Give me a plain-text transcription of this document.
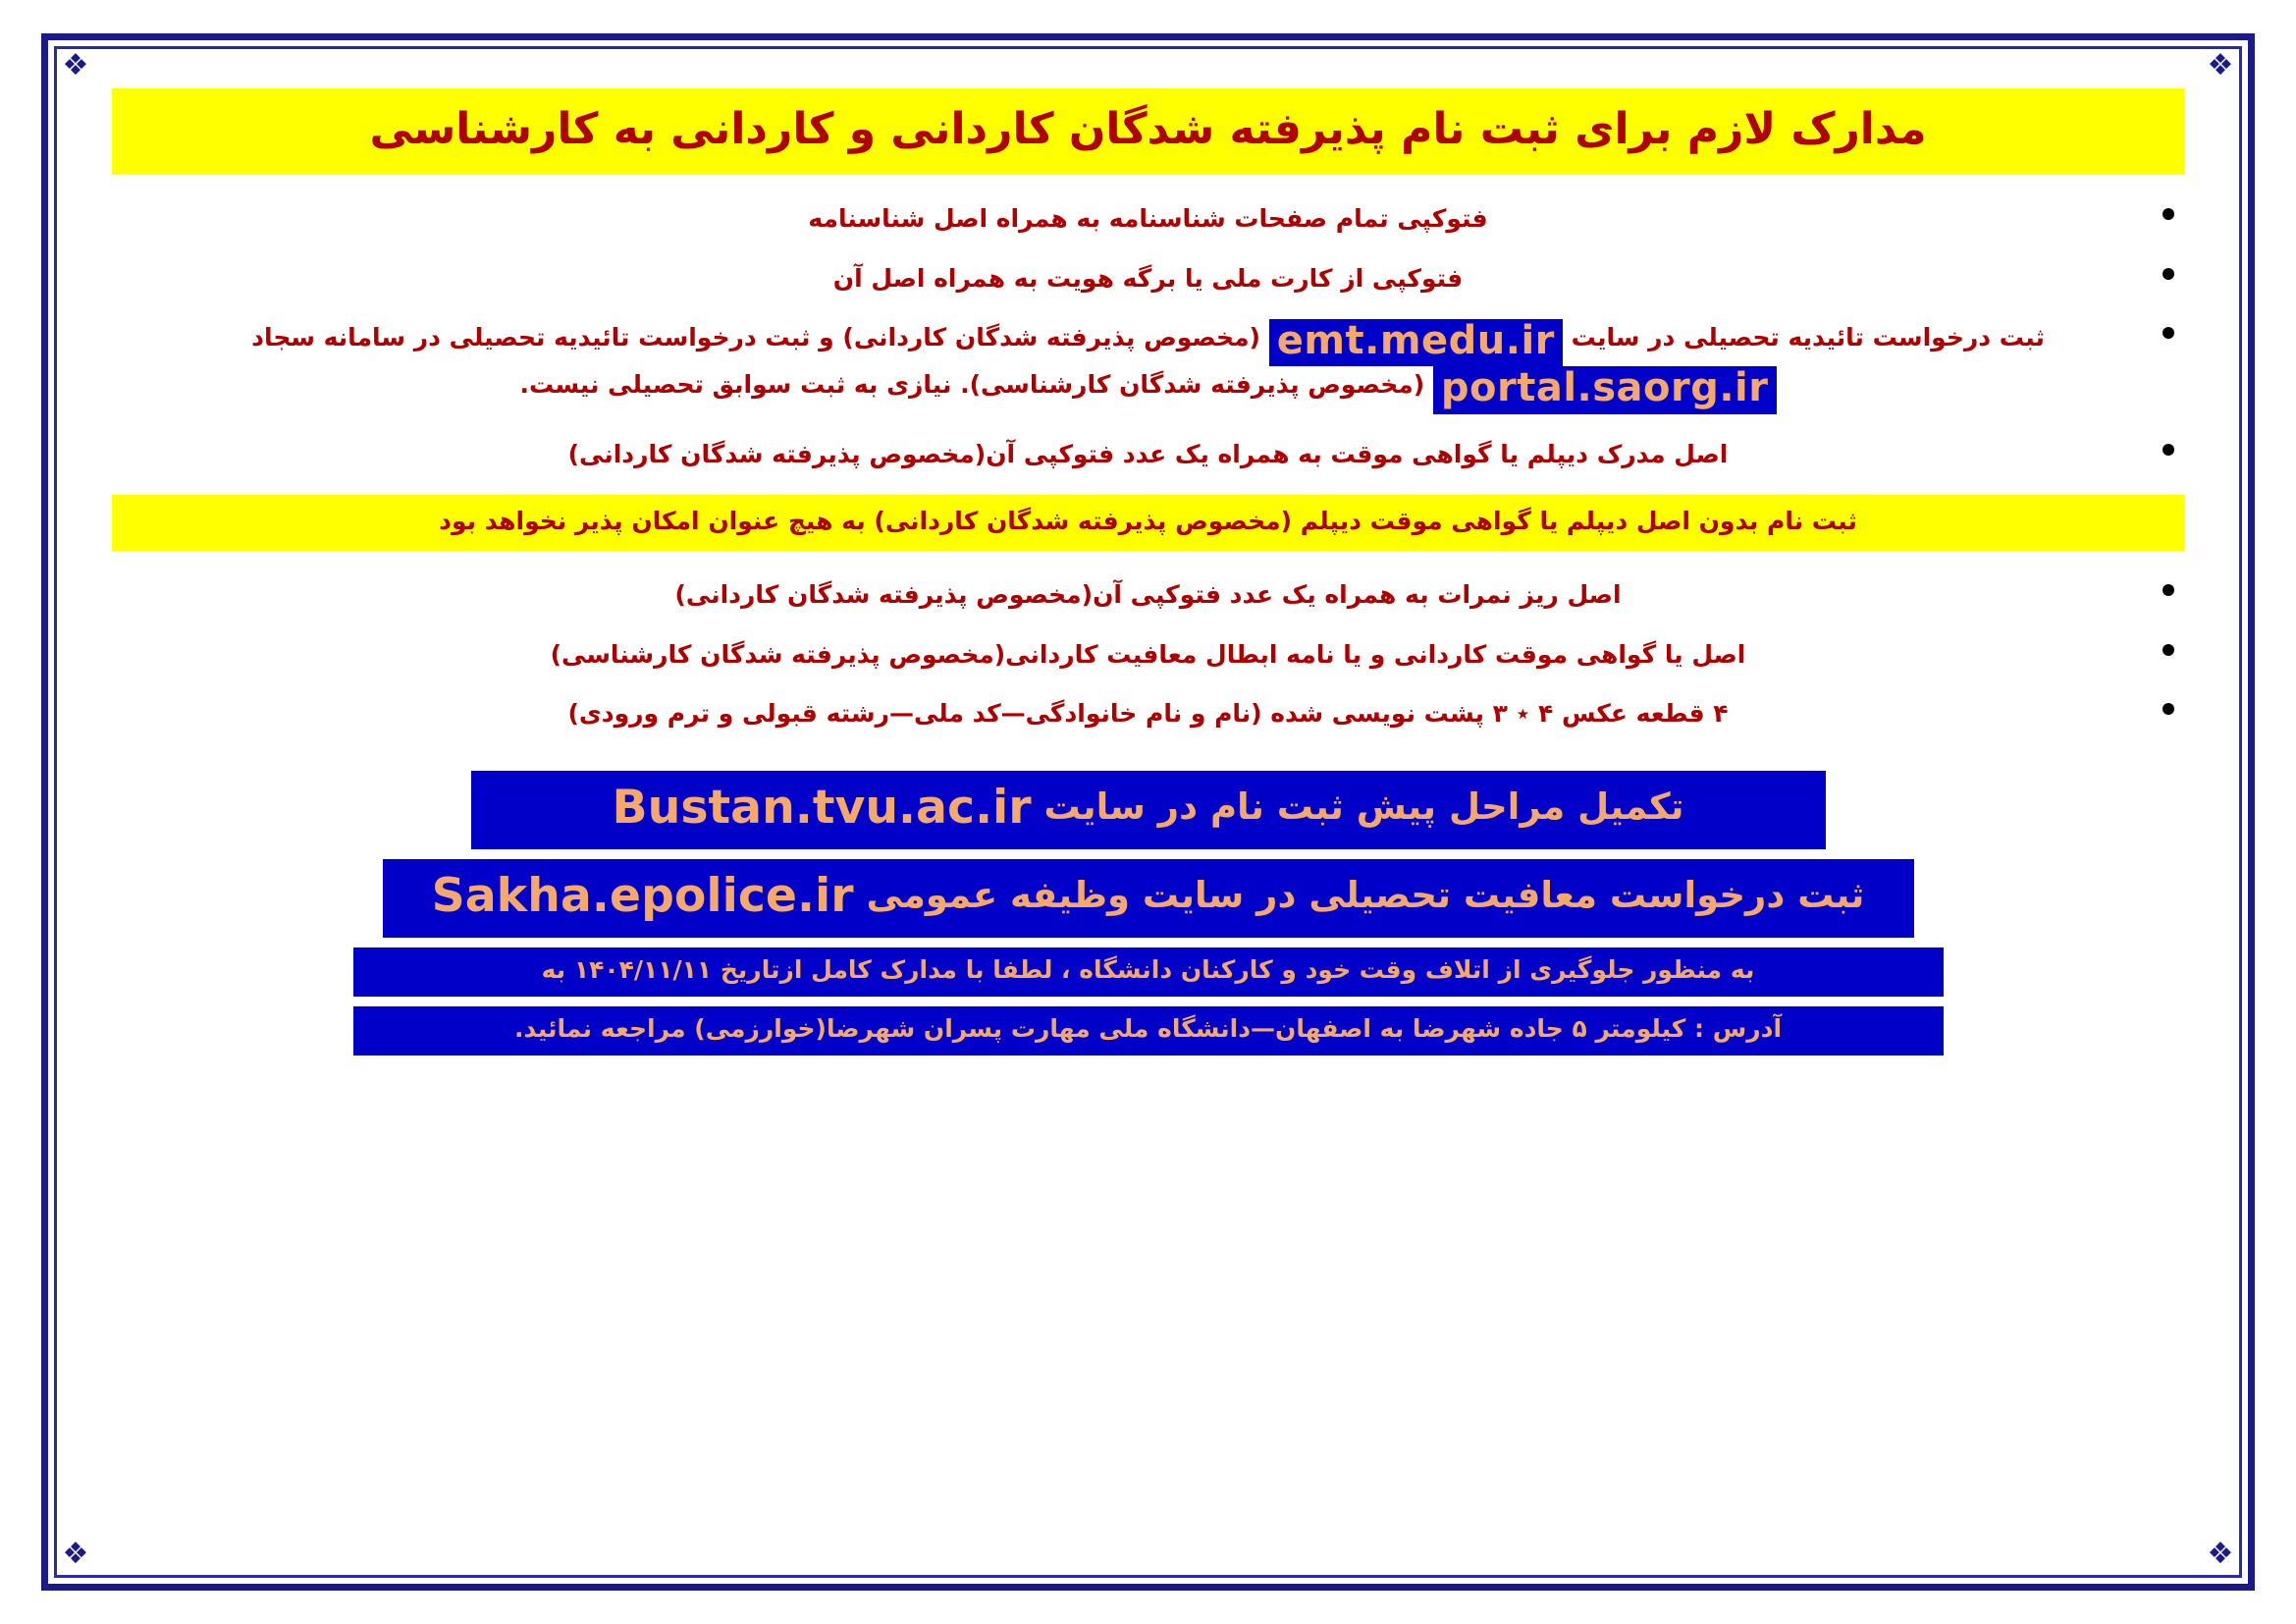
❖
❖
❖
❖
مدارک لازم برای ثبت نام پذیرفته شدگان کاردانی و کاردانی به کارشناسی
فتوکپی تمام صفحات شناسنامه به همراه اصل شناسنامه
فتوکپی از کارت ملی یا برگه هویت به همراه اصل آن
ثبت درخواست تائیدیه تحصیلی در سایت emt.medu.ir (مخصوص پذیرفته شدگان کاردانی) و ثبت درخواست تائیدیه تحصیلی در سامانه سجاد portal.saorg.ir (مخصوص پذیرفته شدگان کارشناسی). نیازی به ثبت سوابق تحصیلی نیست.
اصل مدرک دیپلم یا گواهی موقت به همراه یک عدد فتوکپی آن(مخصوص پذیرفته شدگان کاردانی)
ثبت نام بدون اصل دیپلم یا گواهی موقت دیپلم (مخصوص پذیرفته شدگان کاردانی) به هیچ عنوان امکان پذیر نخواهد بود
اصل ریز نمرات به همراه یک عدد فتوکپی آن(مخصوص پذیرفته شدگان کاردانی)
اصل یا گواهی موقت کاردانی و یا نامه ابطال معافیت کاردانی(مخصوص پذیرفته شدگان کارشناسی)
۴ قطعه عکس ۴ ٭ ۳ پشت نویسی شده (نام و نام خانوادگی—کد ملی—رشته قبولی و ترم ورودی)
تکمیل مراحل پیش ثبت نام در سایت Bustan.tvu.ac.ir
ثبت درخواست معافیت تحصیلی در سایت وظیفه عمومی Sakha.epolice.ir
به منظور جلوگیری از اتلاف وقت خود و کارکنان دانشگاه ، لطفا با مدارک کامل ازتاریخ ۱۴۰۴/۱۱/۱۱ به
آدرس : کیلومتر ۵ جاده شهرضا به اصفهان—دانشگاه ملی مهارت پسران شهرضا(خوارزمی) مراجعه نمائید.
